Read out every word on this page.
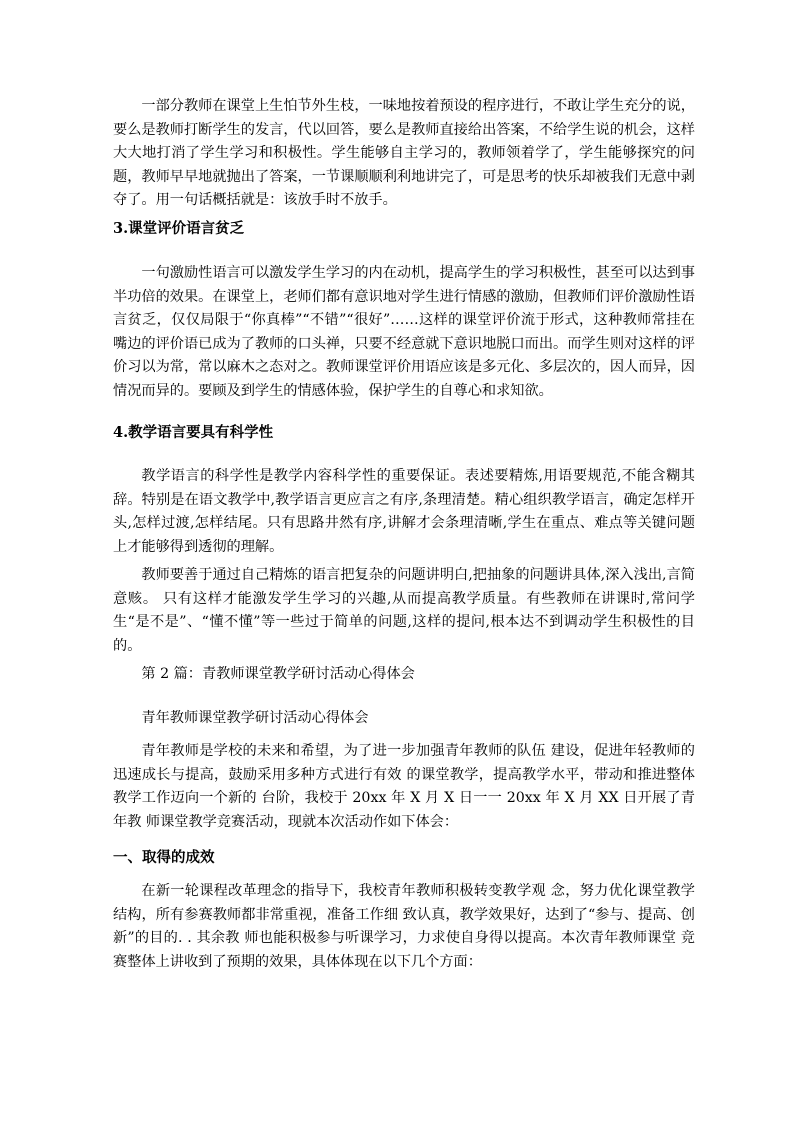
一部分教师在课堂上生怕节外生枝，一味地按着预设的程序进行，不敢让学生充分的说，要么是教师打断学生的发言，代以回答，要么是教师直接给出答案，不给学生说的机会，这样大大地打消了学生学习和积极性。学生能够自主学习的，教师领着学了，学生能够探究的问题，教师早早地就抛出了答案，一节课顺顺利利地讲完了，可是思考的快乐却被我们无意中剥夺了。用一句话概括就是：该放手时不放手。

3.课堂评价语言贫乏

一句激励性语言可以激发学生学习的内在动机，提高学生的学习积极性，甚至可以达到事半功倍的效果。在课堂上，老师们都有意识地对学生进行情感的激励，但教师们评价激励性语言贫乏，仅仅局限于“你真棒”“不错”“很好”……这样的课堂评价流于形式，这种教师常挂在嘴边的评价语已成为了教师的口头禅，只要不经意就下意识地脱口而出。而学生则对这样的评价习以为常，常以麻木之态对之。教师课堂评价用语应该是多元化、多层次的，因人而异，因情况而异的。要顾及到学生的情感体验，保护学生的自尊心和求知欲。

4.教学语言要具有科学性

教学语言的科学性是教学内容科学性的重要保证。表述要精炼,用语要规范,不能含糊其辞。特别是在语文教学中,教学语言更应言之有序,条理清楚。精心组织教学语言，确定怎样开头,怎样过渡,怎样结尾。只有思路井然有序,讲解才会条理清晰,学生在重点、难点等关键问题上才能够得到透彻的理解。

教师要善于通过自己精炼的语言把复杂的问题讲明白,把抽象的问题讲具体,深入浅出,言简意赅。 只有这样才能激发学生学习的兴趣,从而提高教学质量。有些教师在讲课时,常问学生“是不是”、“懂不懂”等一些过于简单的问题,这样的提问,根本达不到调动学生积极性的目的。

第 2 篇：青教师课堂教学研讨活动心得体会

青年教师课堂教学研讨活动心得体会

青年教师是学校的未来和希望，为了进一步加强青年教师的队伍 建设，促进年轻教师的迅速成长与提高，鼓励采用多种方式进行有效 的课堂教学，提高教学水平，带动和推进整体教学工作迈向一个新的 台阶，我校于 20xx 年 X 月 X 日一一 20xx 年 X 月 XX 日开展了青年教 师课堂教学竞赛活动，现就本次活动作如下体会：

一、取得的成效

在新一轮课程改革理念的指导下，我校青年教师积极转变教学观 念，努力优化课堂教学结构，所有参赛教师都非常重视，准备工作细 致认真，教学效果好，达到了“参与、提高、创新”的目的. . 其余教 师也能积极参与听课学习，力求使自身得以提高。本次青年教师课堂 竞赛整体上讲收到了预期的效果，具体体现在以下几个方面：
